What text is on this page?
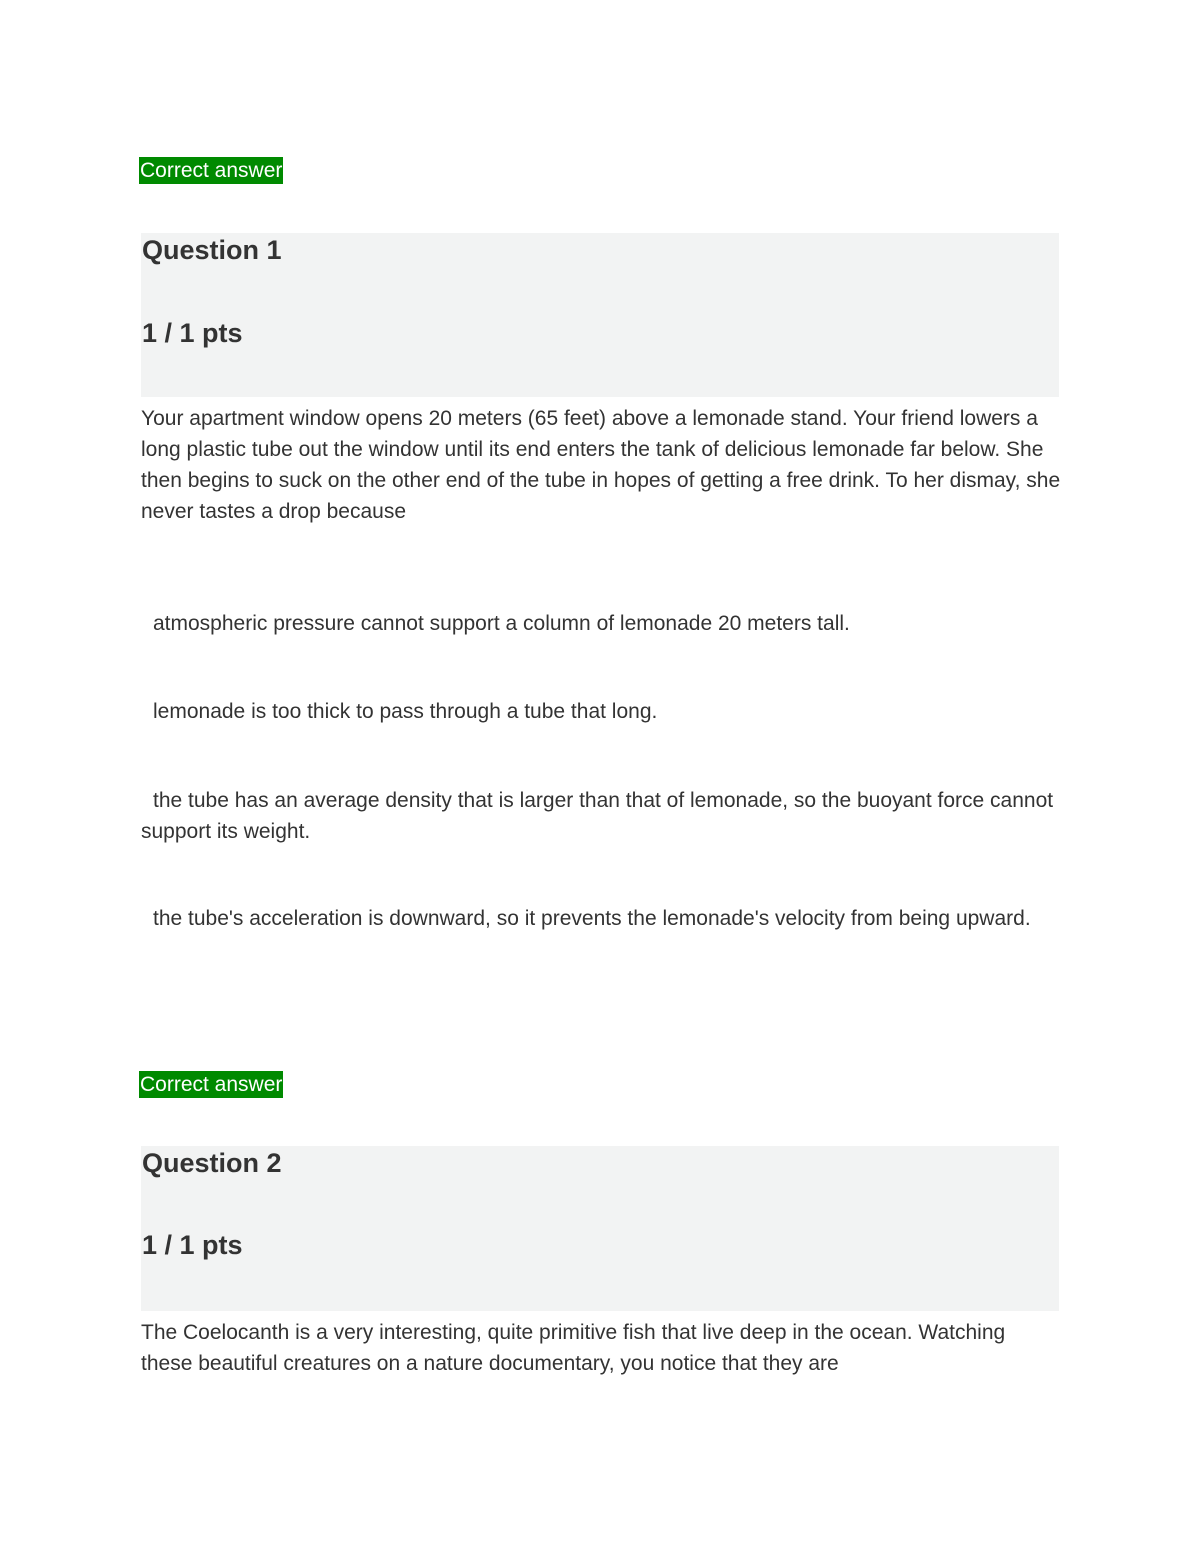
Correct answer
Question 1
1 / 1 pts
Your apartment window opens 20 meters (65 feet) above a lemonade stand. Your friend lowers a long plastic tube out the window until its end enters the tank of delicious lemonade far below. She then begins to suck on the other end of the tube in hopes of getting a free drink. To her dismay, she never tastes a drop because
atmospheric pressure cannot support a column of lemonade 20 meters tall.
lemonade is too thick to pass through a tube that long.
the tube has an average density that is larger than that of lemonade, so the buoyant force cannot support its weight.
the tube's acceleration is downward, so it prevents the lemonade's velocity from being upward.
Correct answer
Question 2
1 / 1 pts
The Coelocanth is a very interesting, quite primitive fish that live deep in the ocean. Watching these beautiful creatures on a nature documentary, you notice that they are
